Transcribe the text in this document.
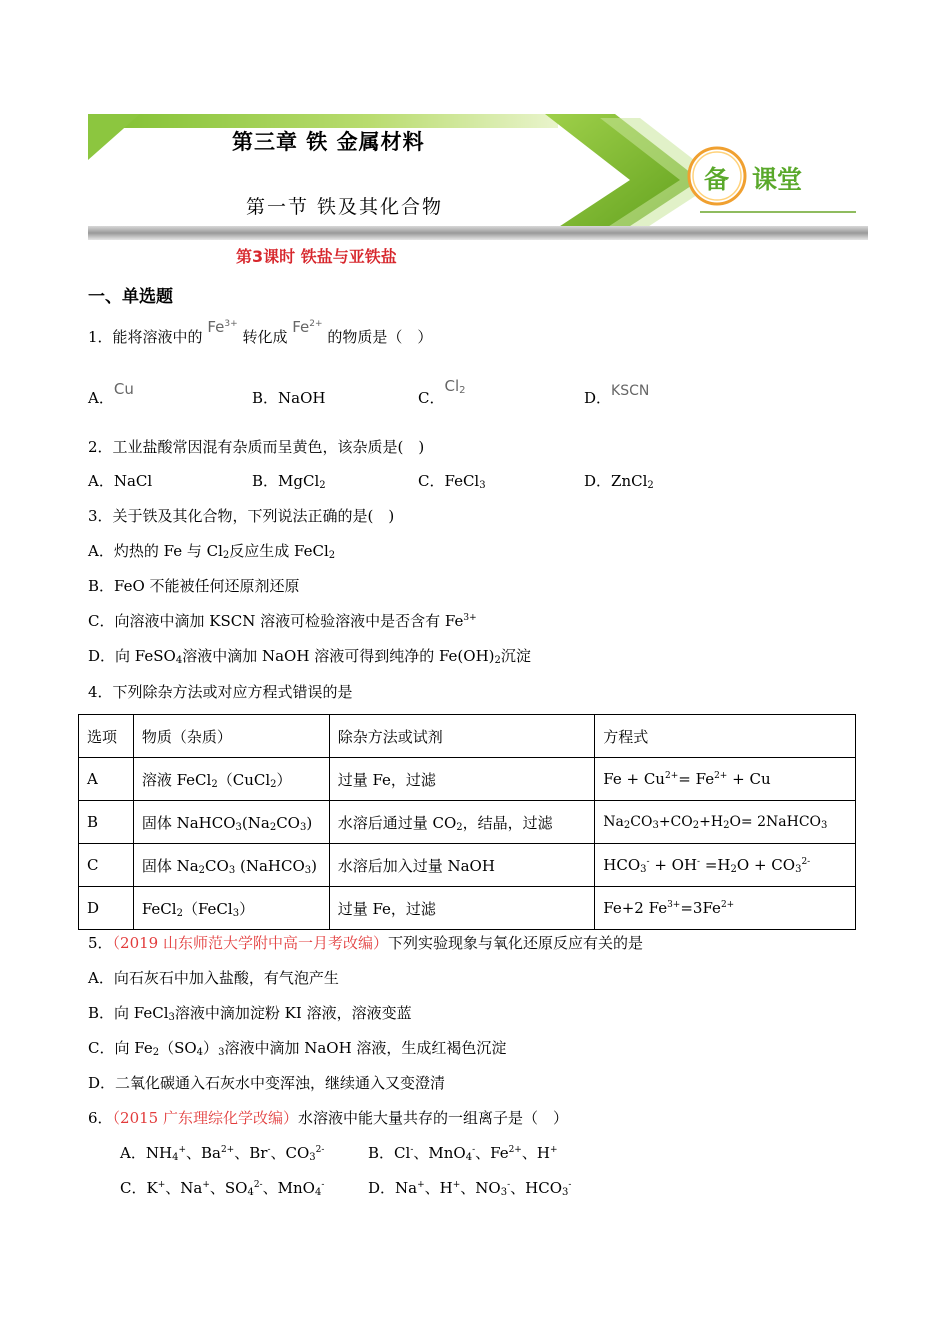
第三章 铁 金属材料
第一节 铁及其化合物
备 课堂
第3课时 铁盐与亚铁盐
一、单选题
1．能将溶液中的 $Fe^{3+}$ 转化成 $Fe^{2+}$ 的物质是（　）
A．Cu	B．NaOH	C．$Cl_2$	D．KSCN
2．工业盐酸常因混有杂质而呈黄色，该杂质是(　)
A．NaCl	B．MgCl$_2$	C．FeCl$_3$	D．ZnCl$_2$
3．关于铁及其化合物，下列说法正确的是(　)
A．灼热的 Fe 与 $Cl_2$反应生成 FeCl$_2$
B．FeO 不能被任何还原剂还原
C．向溶液中滴加 KSCN 溶液可检验溶液中是否含有 $Fe^{3+}$
D．向 FeSO$_4$溶液中滴加 NaOH 溶液可得到纯净的 $Fe(OH)_2$沉淀
4．下列除杂方法或对应方程式错误的是
选项	物质（杂质）	除杂方法或试剂	方程式
A	溶液 FeCl$_2$（CuCl$_2$）	过量 Fe，过滤	$Fe + Cu^{2+}= Fe^{2+} + Cu$
B	固体 $NaHCO_3(Na_2CO_3)$	水溶后通过量 $CO_2$，结晶，过滤	$Na_2CO_3+CO_2+H_2O=$ 2NaHCO$_3$
C	固体 $Na_2CO_3$ (NaHCO$_3$)	水溶后加入过量 NaOH	$HCO_3^- + OH^- =H_2O + CO_3^{2-}$
D	FeCl$_2$（FeCl$_3$）	过量 Fe，过滤	Fe+2 $Fe^{3+}=3Fe^{2+}$
5．（2019 山东师范大学附中高一月考改编）下列实验现象与氧化还原反应有关的是
A．向石灰石中加入盐酸，有气泡产生
B．向 FeCl$_3$溶液中滴加淀粉 KI 溶液，溶液变蓝
C．向 $Fe_2(SO_4)_3$溶液中滴加 NaOH 溶液，生成红褐色沉淀
D．二氧化碳通入石灰水中变浑浊，继续通入又变澄清
6．（2015 广东理综化学改编）水溶液中能大量共存的一组离子是（　）
A．$NH_4^+$、$Ba^{2+}$、Br-、$CO_3^{2-}$	B．Cl-、MnO$_4$-、$Fe^{2+}$、H+
C．K+、Na+、$SO_4^{2-}$、MnO$_4$-	D．Na+、H+、$NO_3^-$、$HCO_3^-$
